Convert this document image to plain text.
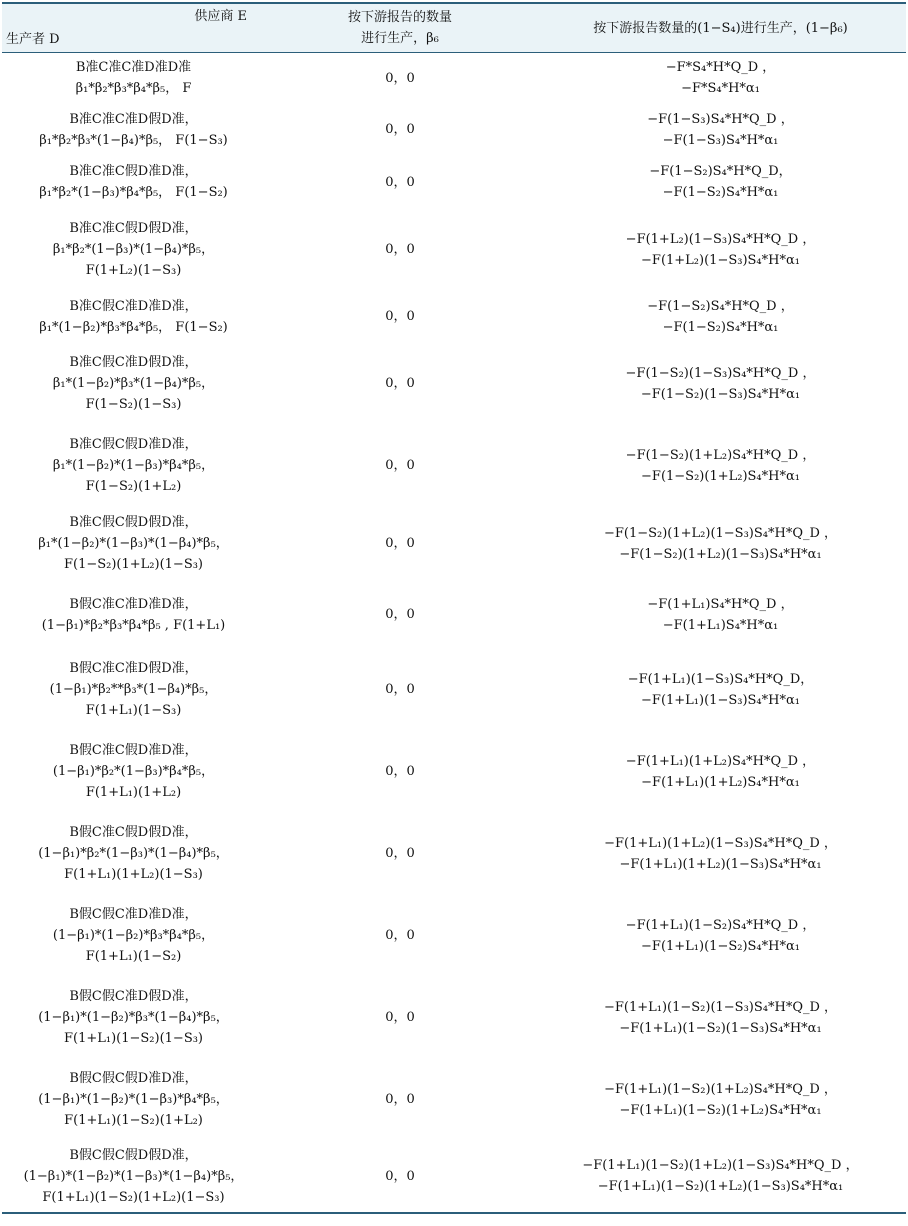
供应商 E
生产者 D	按下游报告的数量
进行生产，β₆	按下游报告数量的(1−S₄)进行生产，(1−β₆)

B准C准C准D准D准
β₁*β₂*β₃*β₄*β₅， F	0，0	−F*S₄*H*Q_D ，
−F*S₄*H*α₁

B准C准C准D假D准，
β₁*β₂*β₃*(1−β₄)*β₅， F(1−S₃)	0，0	−F(1−S₃)S₄*H*Q_D ，
−F(1−S₃)S₄*H*α₁

B准C准C假D准D准，
β₁*β₂*(1−β₃)*β₄*β₅， F(1−S₂)	0，0	−F(1−S₂)S₄*H*Q_D，
−F(1−S₂)S₄*H*α₁

B准C准C假D假D准，
β₁*β₂*(1−β₃)*(1−β₄)*β₅，
F(1+L₂)(1−S₃)	0，0	−F(1+L₂)(1−S₃)S₄*H*Q_D ，
−F(1+L₂)(1−S₃)S₄*H*α₁

B准C假C准D准D准，
β₁*(1−β₂)*β₃*β₄*β₅， F(1−S₂)	0，0	−F(1−S₂)S₄*H*Q_D ，
−F(1−S₂)S₄*H*α₁

B准C假C准D假D准，
β₁*(1−β₂)*β₃*(1−β₄)*β₅，
F(1−S₂)(1−S₃)	0，0	−F(1−S₂)(1−S₃)S₄*H*Q_D ，
−F(1−S₂)(1−S₃)S₄*H*α₁

B准C假C假D准D准，
β₁*(1−β₂)*(1−β₃)*β₄*β₅，
F(1−S₂)(1+L₂)	0，0	−F(1−S₂)(1+L₂)S₄*H*Q_D ，
−F(1−S₂)(1+L₂)S₄*H*α₁

B准C假C假D假D准，
β₁*(1−β₂)*(1−β₃)*(1−β₄)*β₅，
F(1−S₂)(1+L₂)(1−S₃)	0，0	−F(1−S₂)(1+L₂)(1−S₃)S₄*H*Q_D ，
−F(1−S₂)(1+L₂)(1−S₃)S₄*H*α₁

B假C准C准D准D准，
(1−β₁)*β₂*β₃*β₄*β₅ , F(1+L₁)	0，0	−F(1+L₁)S₄*H*Q_D ，
−F(1+L₁)S₄*H*α₁

B假C准C准D假D准，
(1−β₁)*β₂**β₃*(1−β₄)*β₅，
F(1+L₁)(1−S₃)	0，0	−F(1+L₁)(1−S₃)S₄*H*Q_D，
−F(1+L₁)(1−S₃)S₄*H*α₁

B假C准C假D准D准，
(1−β₁)*β₂*(1−β₃)*β₄*β₅，
F(1+L₁)(1+L₂)	0，0	−F(1+L₁)(1+L₂)S₄*H*Q_D ，
−F(1+L₁)(1+L₂)S₄*H*α₁

B假C准C假D假D准，
(1−β₁)*β₂*(1−β₃)*(1−β₄)*β₅，
F(1+L₁)(1+L₂)(1−S₃)	0，0	−F(1+L₁)(1+L₂)(1−S₃)S₄*H*Q_D ，
−F(1+L₁)(1+L₂)(1−S₃)S₄*H*α₁

B假C假C准D准D准，
(1−β₁)*(1−β₂)*β₃*β₄*β₅，
F(1+L₁)(1−S₂)	0，0	−F(1+L₁)(1−S₂)S₄*H*Q_D ，
−F(1+L₁)(1−S₂)S₄*H*α₁

B假C假C准D假D准，
(1−β₁)*(1−β₂)*β₃*(1−β₄)*β₅，
F(1+L₁)(1−S₂)(1−S₃)	0，0	−F(1+L₁)(1−S₂)(1−S₃)S₄*H*Q_D ，
−F(1+L₁)(1−S₂)(1−S₃)S₄*H*α₁

B假C假C假D准D准，
(1−β₁)*(1−β₂)*(1−β₃)*β₄*β₅，
F(1+L₁)(1−S₂)(1+L₂)	0，0	−F(1+L₁)(1−S₂)(1+L₂)S₄*H*Q_D ，
−F(1+L₁)(1−S₂)(1+L₂)S₄*H*α₁

B假C假C假D假D准，
(1−β₁)*(1−β₂)*(1−β₃)*(1−β₄)*β₅，
F(1+L₁)(1−S₂)(1+L₂)(1−S₃)	0，0	−F(1+L₁)(1−S₂)(1+L₂)(1−S₃)S₄*H*Q_D ，
−F(1+L₁)(1−S₂)(1+L₂)(1−S₃)S₄*H*α₁
